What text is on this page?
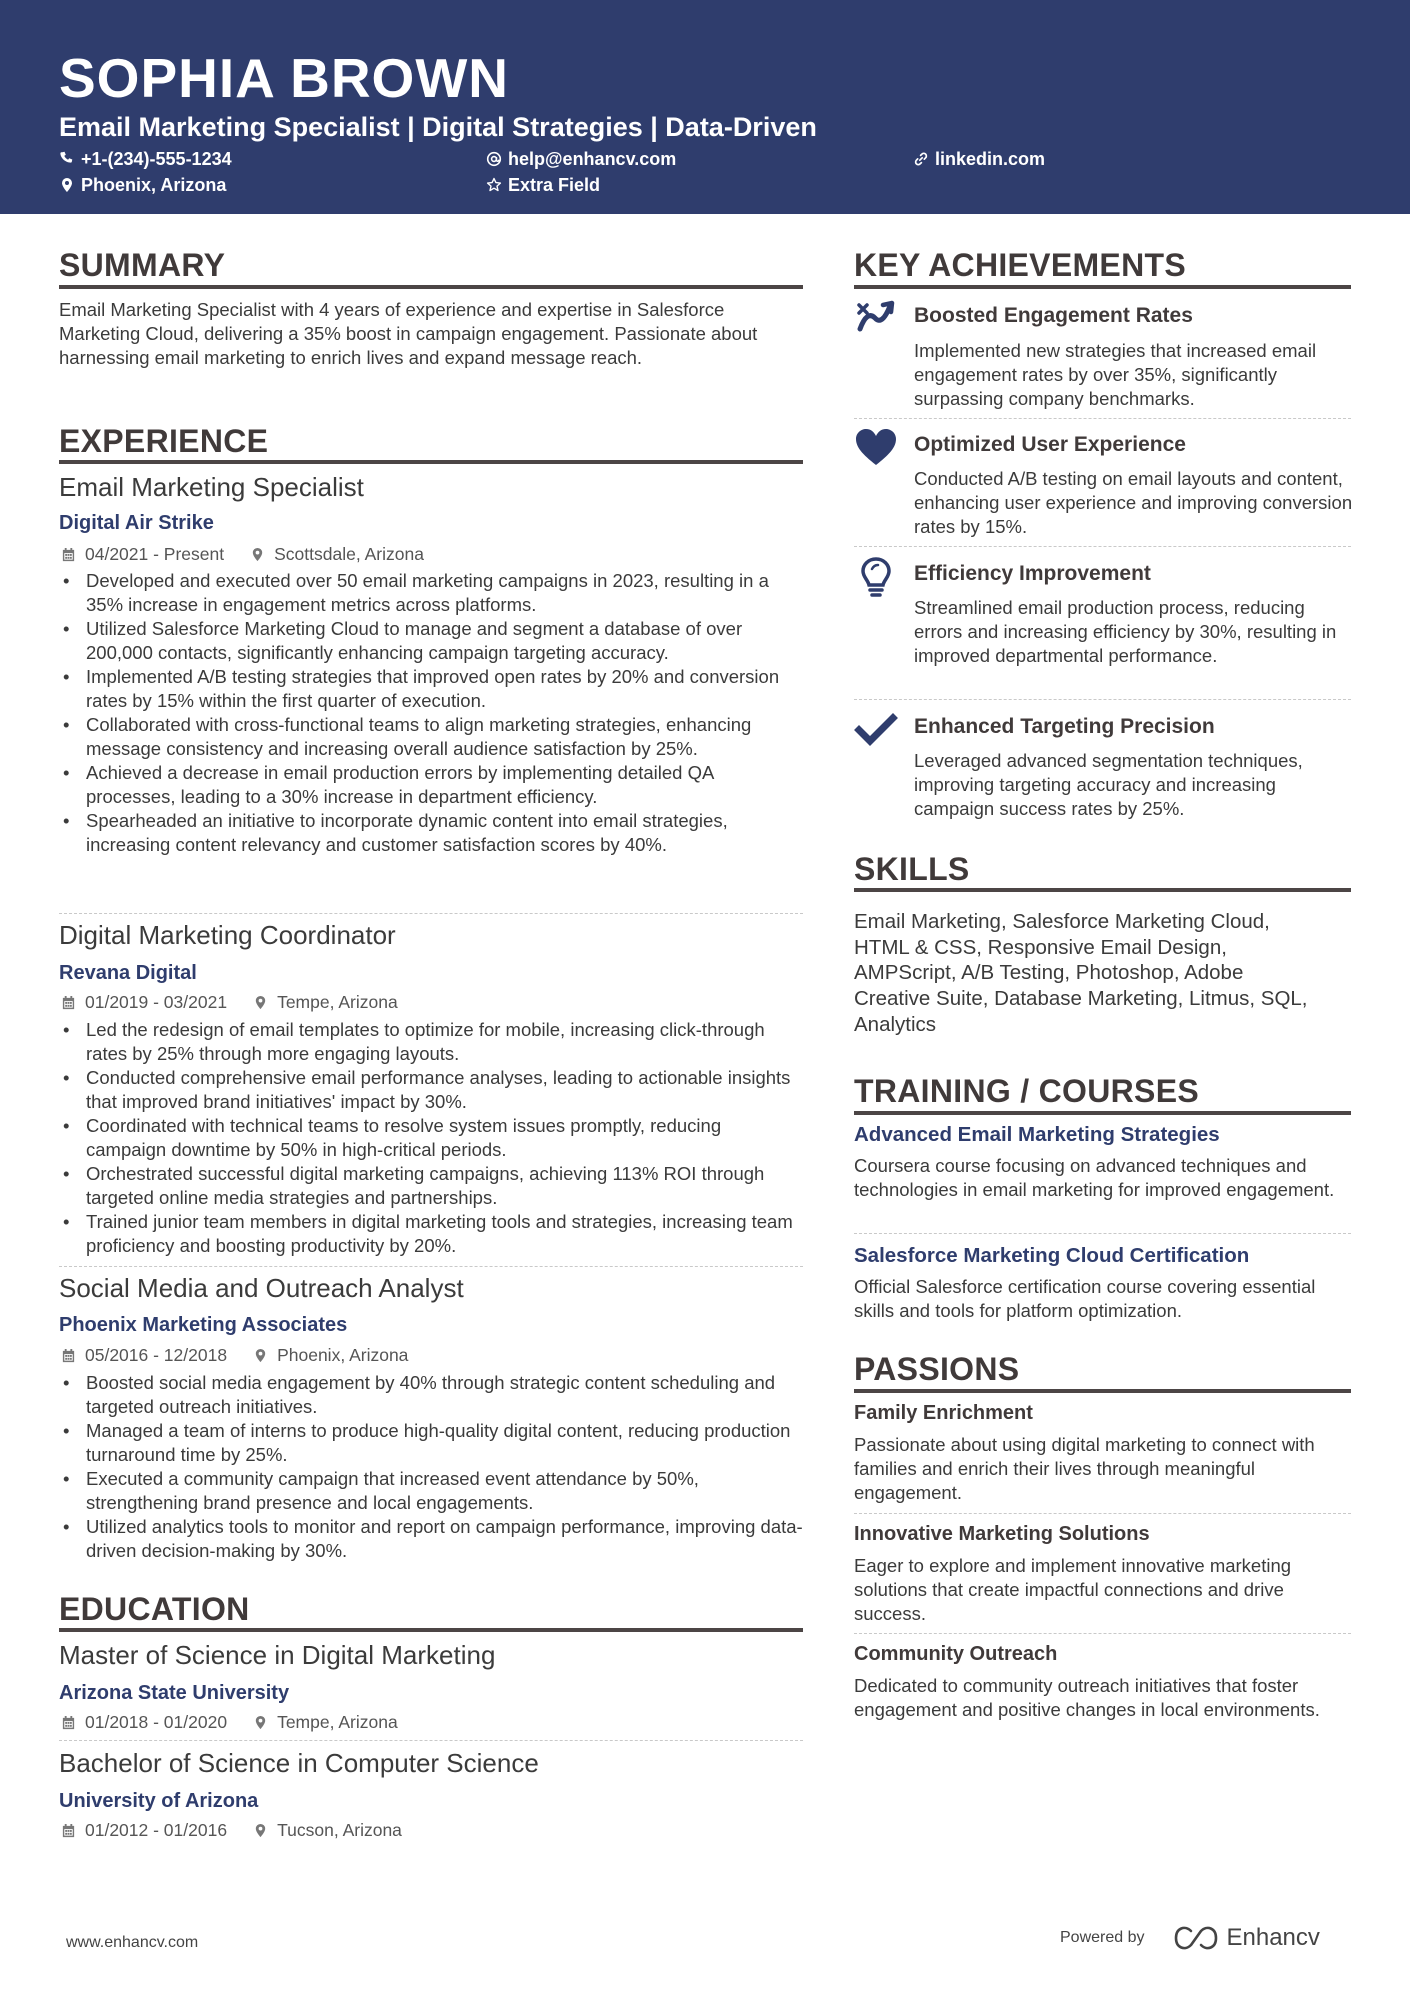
SOPHIA BROWN
Email Marketing Specialist | Digital Strategies | Data-Driven
+1-(234)-555-1234	help@enhancv.com	linkedin.com
Phoenix, Arizona	Extra Field
SUMMARY
Email Marketing Specialist with 4 years of experience and expertise in Salesforce Marketing Cloud, delivering a 35% boost in campaign engagement. Passionate about harnessing email marketing to enrich lives and expand message reach.
EXPERIENCE
Email Marketing Specialist
Digital Air Strike
04/2021 - Present	Scottsdale, Arizona
• Developed and executed over 50 email marketing campaigns in 2023, resulting in a 35% increase in engagement metrics across platforms.
• Utilized Salesforce Marketing Cloud to manage and segment a database of over 200,000 contacts, significantly enhancing campaign targeting accuracy.
• Implemented A/B testing strategies that improved open rates by 20% and conversion rates by 15% within the first quarter of execution.
• Collaborated with cross-functional teams to align marketing strategies, enhancing message consistency and increasing overall audience satisfaction by 25%.
• Achieved a decrease in email production errors by implementing detailed QA processes, leading to a 30% increase in department efficiency.
• Spearheaded an initiative to incorporate dynamic content into email strategies, increasing content relevancy and customer satisfaction scores by 40%.
Digital Marketing Coordinator
Revana Digital
01/2019 - 03/2021	Tempe, Arizona
• Led the redesign of email templates to optimize for mobile, increasing click-through rates by 25% through more engaging layouts.
• Conducted comprehensive email performance analyses, leading to actionable insights that improved brand initiatives' impact by 30%.
• Coordinated with technical teams to resolve system issues promptly, reducing campaign downtime by 50% in high-critical periods.
• Orchestrated successful digital marketing campaigns, achieving 113% ROI through targeted online media strategies and partnerships.
• Trained junior team members in digital marketing tools and strategies, increasing team proficiency and boosting productivity by 20%.
Social Media and Outreach Analyst
Phoenix Marketing Associates
05/2016 - 12/2018	Phoenix, Arizona
• Boosted social media engagement by 40% through strategic content scheduling and targeted outreach initiatives.
• Managed a team of interns to produce high-quality digital content, reducing production turnaround time by 25%.
• Executed a community campaign that increased event attendance by 50%, strengthening brand presence and local engagements.
• Utilized analytics tools to monitor and report on campaign performance, improving data-driven decision-making by 30%.
EDUCATION
Master of Science in Digital Marketing
Arizona State University
01/2018 - 01/2020	Tempe, Arizona
Bachelor of Science in Computer Science
University of Arizona
01/2012 - 01/2016	Tucson, Arizona
KEY ACHIEVEMENTS
Boosted Engagement Rates
Implemented new strategies that increased email engagement rates by over 35%, significantly surpassing company benchmarks.
Optimized User Experience
Conducted A/B testing on email layouts and content, enhancing user experience and improving conversion rates by 15%.
Efficiency Improvement
Streamlined email production process, reducing errors and increasing efficiency by 30%, resulting in improved departmental performance.
Enhanced Targeting Precision
Leveraged advanced segmentation techniques, improving targeting accuracy and increasing campaign success rates by 25%.
SKILLS
Email Marketing, Salesforce Marketing Cloud, HTML & CSS, Responsive Email Design, AMPScript, A/B Testing, Photoshop, Adobe Creative Suite, Database Marketing, Litmus, SQL, Analytics
TRAINING / COURSES
Advanced Email Marketing Strategies
Coursera course focusing on advanced techniques and technologies in email marketing for improved engagement.
Salesforce Marketing Cloud Certification
Official Salesforce certification course covering essential skills and tools for platform optimization.
PASSIONS
Family Enrichment
Passionate about using digital marketing to connect with families and enrich their lives through meaningful engagement.
Innovative Marketing Solutions
Eager to explore and implement innovative marketing solutions that create impactful connections and drive success.
Community Outreach
Dedicated to community outreach initiatives that foster engagement and positive changes in local environments.
www.enhancv.com	Powered by	Enhancv
